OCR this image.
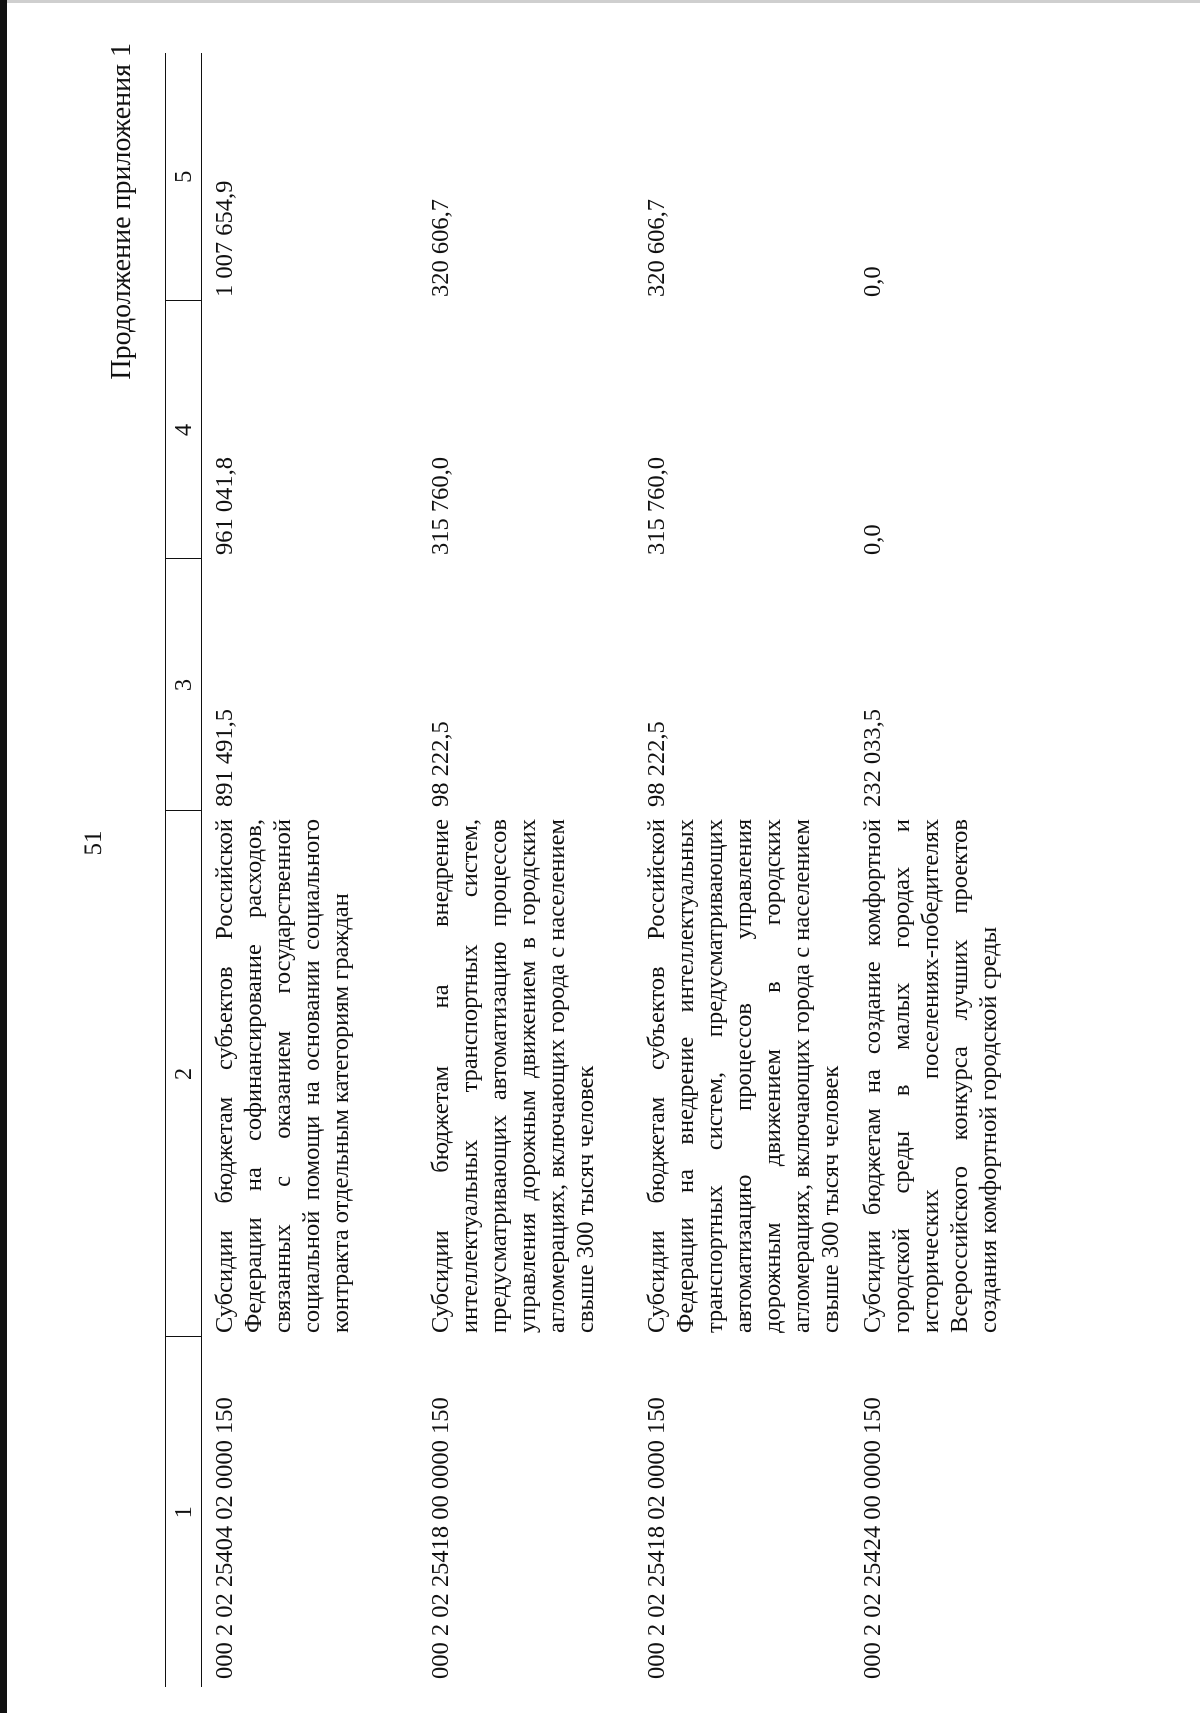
51
Продолжение приложения 1
1	2	3	4	5
000 2 02 25404 02 0000 150	Субсидии бюджетам субъектов Российской Федерации на софинансирование расходов, связанных с оказанием государственной социальной помощи на основании социального контракта отдельным категориям граждан	891 491,5	961 041,8	1 007 654,9
000 2 02 25418 00 0000 150	Субсидии бюджетам на внедрение интеллектуальных транспортных систем, предусматривающих автоматизацию процессов управления дорожным движением в городских агломерациях, включающих города с населением свыше 300 тысяч человек	98 222,5	315 760,0	320 606,7
000 2 02 25418 02 0000 150	Субсидии бюджетам субъектов Российской Федерации на внедрение интеллектуальных транспортных систем, предусматривающих автоматизацию процессов управления дорожным движением в городских агломерациях, включающих города с населением свыше 300 тысяч человек	98 222,5	315 760,0	320 606,7
000 2 02 25424 00 0000 150	Субсидии бюджетам на создание комфортной городской среды в малых городах и исторических поселениях-победителях Всероссийского конкурса лучших проектов создания комфортной городской среды	232 033,5	0,0	0,0
